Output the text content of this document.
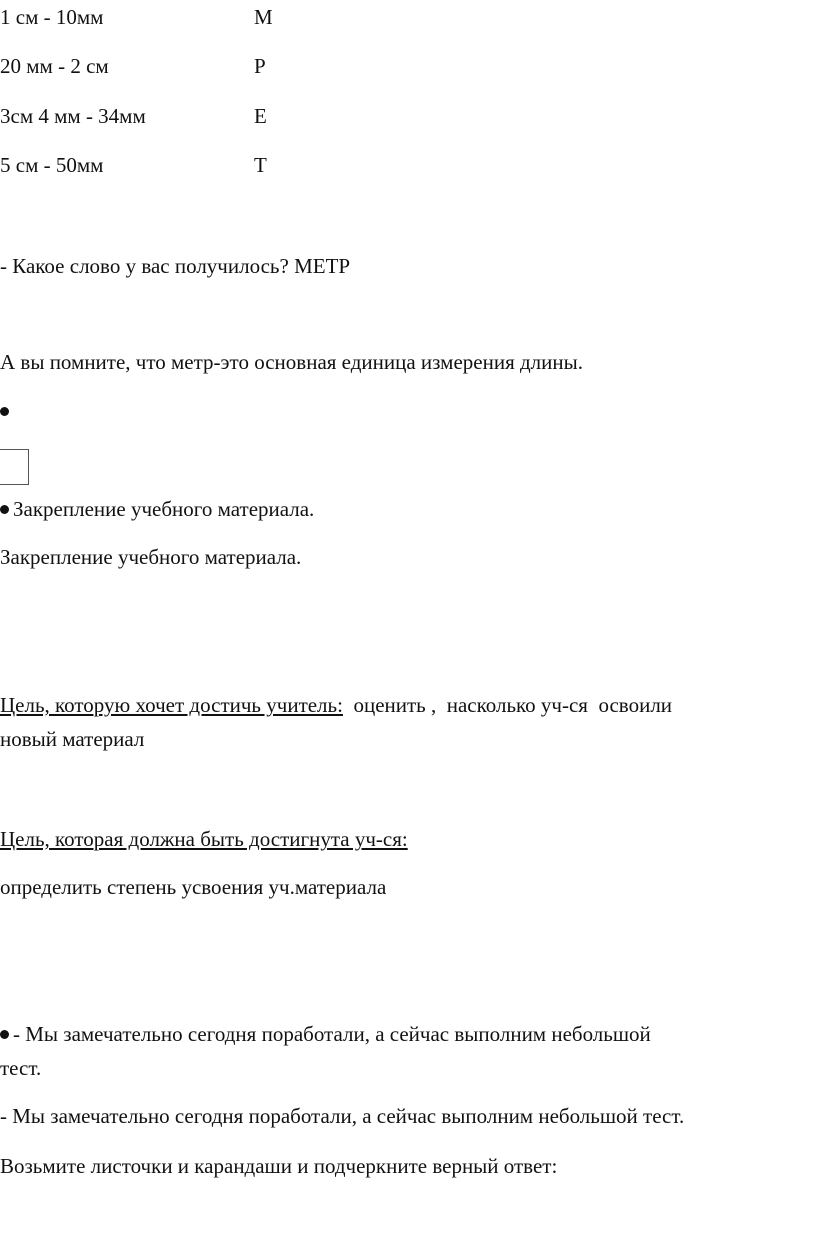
1 см - 10мм	М
20 мм - 2 см	Р
3см 4 мм - 34мм	Е
5 см - 50мм	Т
- Какое слово у вас получилось? МЕТР
А вы помните, что метр-это основная единица измерения длины.
Закрепление учебного материала.
Закрепление учебного материала.
Цель, которую хочет достичь учитель:  оценить ,  насколько уч-ся  освоили
новый материал
Цель, которая должна быть достигнута уч-ся:
определить степень усвоения уч.материала
- Мы замечательно сегодня поработали, а сейчас выполним небольшой
тест.
- Мы замечательно сегодня поработали, а сейчас выполним небольшой тест.
Возьмите листочки и карандаши и подчеркните верный ответ:
